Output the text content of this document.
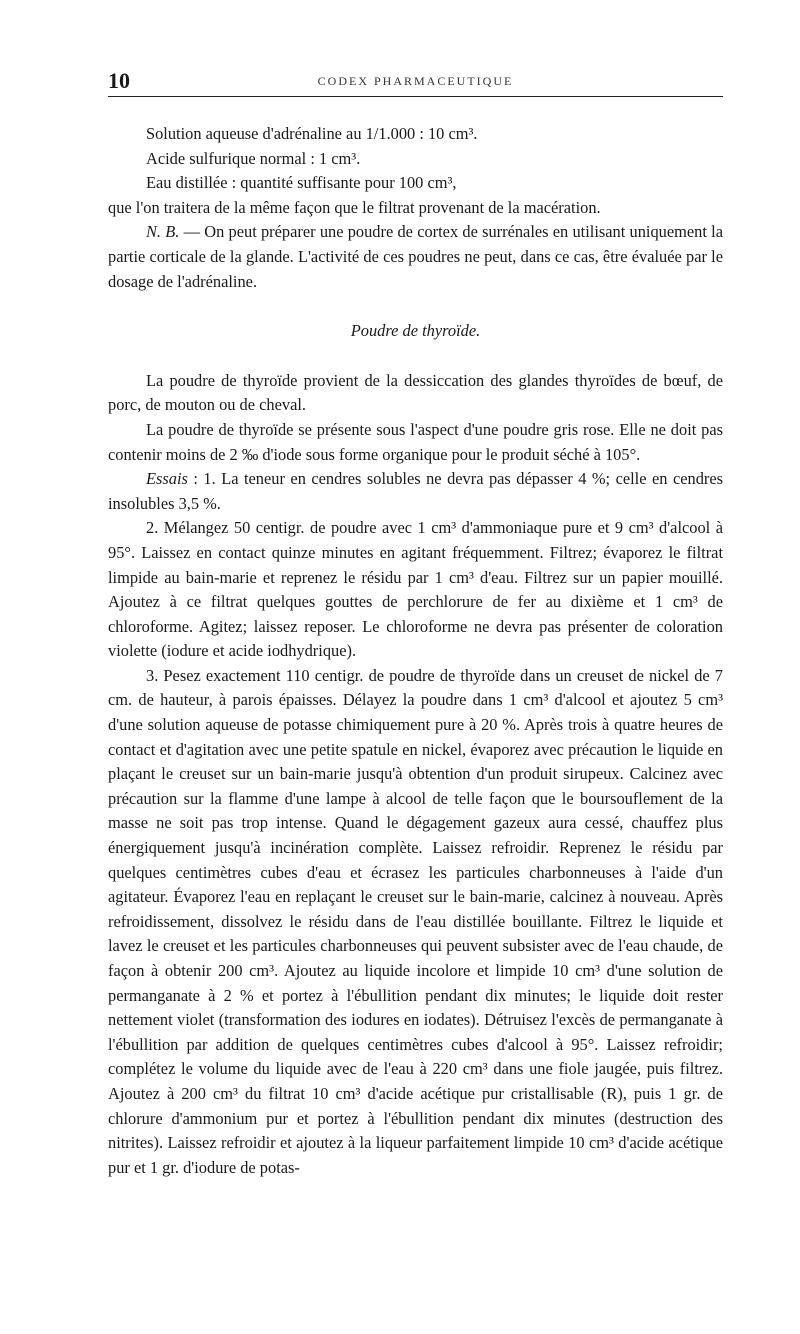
10	CODEX PHARMACEUTIQUE

Solution aqueuse d'adrénaline au 1/1.000 : 10 cm³.

Acide sulfurique normal : 1 cm³.

Eau distillée : quantité suffisante pour 100 cm³,

que l'on traitera de la même façon que le filtrat provenant de la macération.

N. B. — On peut préparer une poudre de cortex de surrénales en utilisant uniquement la partie corticale de la glande. L'activité de ces poudres ne peut, dans ce cas, être évaluée par le dosage de l'adrénaline.

Poudre de thyroïde.

La poudre de thyroïde provient de la dessiccation des glandes thyroïdes de bœuf, de porc, de mouton ou de cheval.

La poudre de thyroïde se présente sous l'aspect d'une poudre gris rose. Elle ne doit pas contenir moins de 2 ‰ d'iode sous forme organique pour le produit séché à 105°.

Essais : 1. La teneur en cendres solubles ne devra pas dépasser 4 %; celle en cendres insolubles 3,5 %.

2. Mélangez 50 centigr. de poudre avec 1 cm³ d'ammoniaque pure et 9 cm³ d'alcool à 95°. Laissez en contact quinze minutes en agitant fréquemment. Filtrez; évaporez le filtrat limpide au bain-marie et reprenez le résidu par 1 cm³ d'eau. Filtrez sur un papier mouillé. Ajoutez à ce filtrat quelques gouttes de perchlorure de fer au dixième et 1 cm³ de chloroforme. Agitez; laissez reposer. Le chloroforme ne devra pas présenter de coloration violette (iodure et acide iodhydrique).

3. Pesez exactement 110 centigr. de poudre de thyroïde dans un creuset de nickel de 7 cm. de hauteur, à parois épaisses. Délayez la poudre dans 1 cm³ d'alcool et ajoutez 5 cm³ d'une solution aqueuse de potasse chimiquement pure à 20 %. Après trois à quatre heures de contact et d'agitation avec une petite spatule en nickel, évaporez avec précaution le liquide en plaçant le creuset sur un bain-marie jusqu'à obtention d'un produit sirupeux. Calcinez avec précaution sur la flamme d'une lampe à alcool de telle façon que le boursouflement de la masse ne soit pas trop intense. Quand le dégagement gazeux aura cessé, chauffez plus énergiquement jusqu'à incinération complète. Laissez refroidir. Reprenez le résidu par quelques centimètres cubes d'eau et écrasez les particules charbonneuses à l'aide d'un agitateur. Évaporez l'eau en replaçant le creuset sur le bain-marie, calcinez à nouveau. Après refroidissement, dissolvez le résidu dans de l'eau distillée bouillante. Filtrez le liquide et lavez le creuset et les particules charbonneuses qui peuvent subsister avec de l'eau chaude, de façon à obtenir 200 cm³. Ajoutez au liquide incolore et limpide 10 cm³ d'une solution de permanganate à 2 % et portez à l'ébullition pendant dix minutes; le liquide doit rester nettement violet (transformation des iodures en iodates). Détruisez l'excès de permanganate à l'ébullition par addition de quelques centimètres cubes d'alcool à 95°. Laissez refroidir; complétez le volume du liquide avec de l'eau à 220 cm³ dans une fiole jaugée, puis filtrez. Ajoutez à 200 cm³ du filtrat 10 cm³ d'acide acétique pur cristallisable (R), puis 1 gr. de chlorure d'ammonium pur et portez à l'ébullition pendant dix minutes (destruction des nitrites). Laissez refroidir et ajoutez à la liqueur parfaitement limpide 10 cm³ d'acide acétique pur et 1 gr. d'iodure de potas-
